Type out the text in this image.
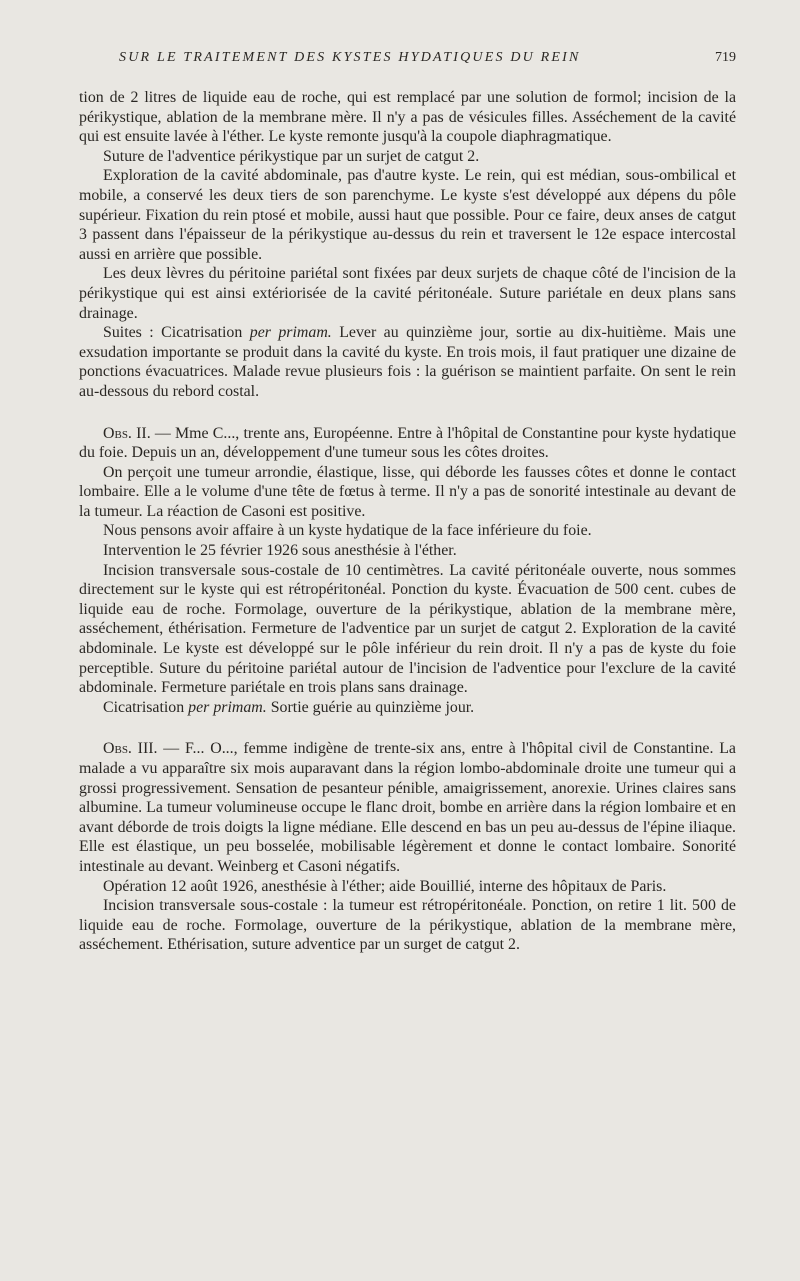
SUR LE TRAITEMENT DES KYSTES HYDATIQUES DU REIN	719

tion de 2 litres de liquide eau de roche, qui est remplacé par une solution de formol; incision de la périkystique, ablation de la membrane mère. Il n'y a pas de vésicules filles. Asséchement de la cavité qui est ensuite lavée à l'éther. Le kyste remonte jusqu'à la coupole diaphragmatique.

Suture de l'adventice périkystique par un surjet de catgut 2.

Exploration de la cavité abdominale, pas d'autre kyste. Le rein, qui est médian, sous-ombilical et mobile, a conservé les deux tiers de son parenchyme. Le kyste s'est développé aux dépens du pôle supérieur. Fixation du rein ptosé et mobile, aussi haut que possible. Pour ce faire, deux anses de catgut 3 passent dans l'épaisseur de la périkystique au-dessus du rein et traversent le 12e espace intercostal aussi en arrière que possible.

Les deux lèvres du péritoine pariétal sont fixées par deux surjets de chaque côté de l'incision de la périkystique qui est ainsi extériorisée de la cavité péritonéale. Suture pariétale en deux plans sans drainage.

Suites : Cicatrisation per primam. Lever au quinzième jour, sortie au dix-huitième. Mais une exsudation importante se produit dans la cavité du kyste. En trois mois, il faut pratiquer une dizaine de ponctions évacuatrices. Malade revue plusieurs fois : la guérison se maintient parfaite. On sent le rein au-dessous du rebord costal.

Obs. II. — Mme C..., trente ans, Européenne. Entre à l'hôpital de Constantine pour kyste hydatique du foie. Depuis un an, développement d'une tumeur sous les côtes droites.

On perçoit une tumeur arrondie, élastique, lisse, qui déborde les fausses côtes et donne le contact lombaire. Elle a le volume d'une tête de fœtus à terme. Il n'y a pas de sonorité intestinale au devant de la tumeur. La réaction de Casoni est positive.

Nous pensons avoir affaire à un kyste hydatique de la face inférieure du foie.

Intervention le 25 février 1926 sous anesthésie à l'éther.

Incision transversale sous-costale de 10 centimètres. La cavité péritonéale ouverte, nous sommes directement sur le kyste qui est rétropéritonéal. Ponction du kyste. Évacuation de 500 cent. cubes de liquide eau de roche. Formolage, ouverture de la périkystique, ablation de la membrane mère, asséchement, éthérisation. Fermeture de l'adventice par un surjet de catgut 2. Exploration de la cavité abdominale. Le kyste est développé sur le pôle inférieur du rein droit. Il n'y a pas de kyste du foie perceptible. Suture du péritoine pariétal autour de l'incision de l'adventice pour l'exclure de la cavité abdominale. Fermeture pariétale en trois plans sans drainage.

Cicatrisation per primam. Sortie guérie au quinzième jour.

Obs. III. — F... O..., femme indigène de trente-six ans, entre à l'hôpital civil de Constantine. La malade a vu apparaître six mois auparavant dans la région lombo-abdominale droite une tumeur qui a grossi progressivement. Sensation de pesanteur pénible, amaigrissement, anorexie. Urines claires sans albumine. La tumeur volumineuse occupe le flanc droit, bombe en arrière dans la région lombaire et en avant déborde de trois doigts la ligne médiane. Elle descend en bas un peu au-dessus de l'épine iliaque. Elle est élastique, un peu bosselée, mobilisable légèrement et donne le contact lombaire. Sonorité intestinale au devant. Weinberg et Casoni négatifs.

Opération 12 août 1926, anesthésie à l'éther; aide Bouillié, interne des hôpitaux de Paris.

Incision transversale sous-costale : la tumeur est rétropéritonéale. Ponction, on retire 1 lit. 500 de liquide eau de roche. Formolage, ouverture de la périkystique, ablation de la membrane mère, asséchement. Ethérisation, suture adventice par un surget de catgut 2.
